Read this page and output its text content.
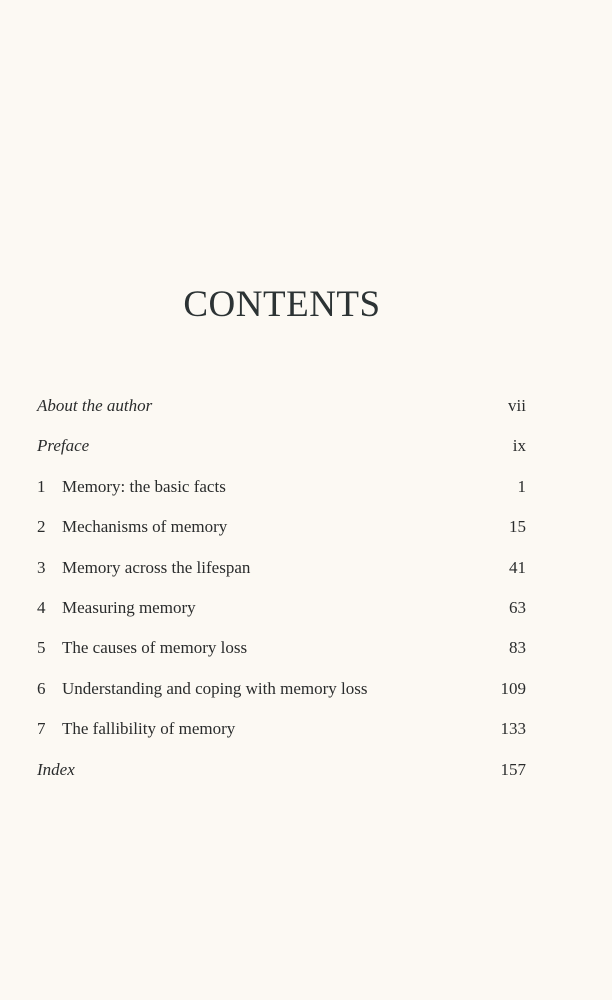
CONTENTS
About the author	vii
Preface	ix
1 Memory: the basic facts	1
2 Mechanisms of memory	15
3 Memory across the lifespan	41
4 Measuring memory	63
5 The causes of memory loss	83
6 Understanding and coping with memory loss	109
7 The fallibility of memory	133
Index	157
